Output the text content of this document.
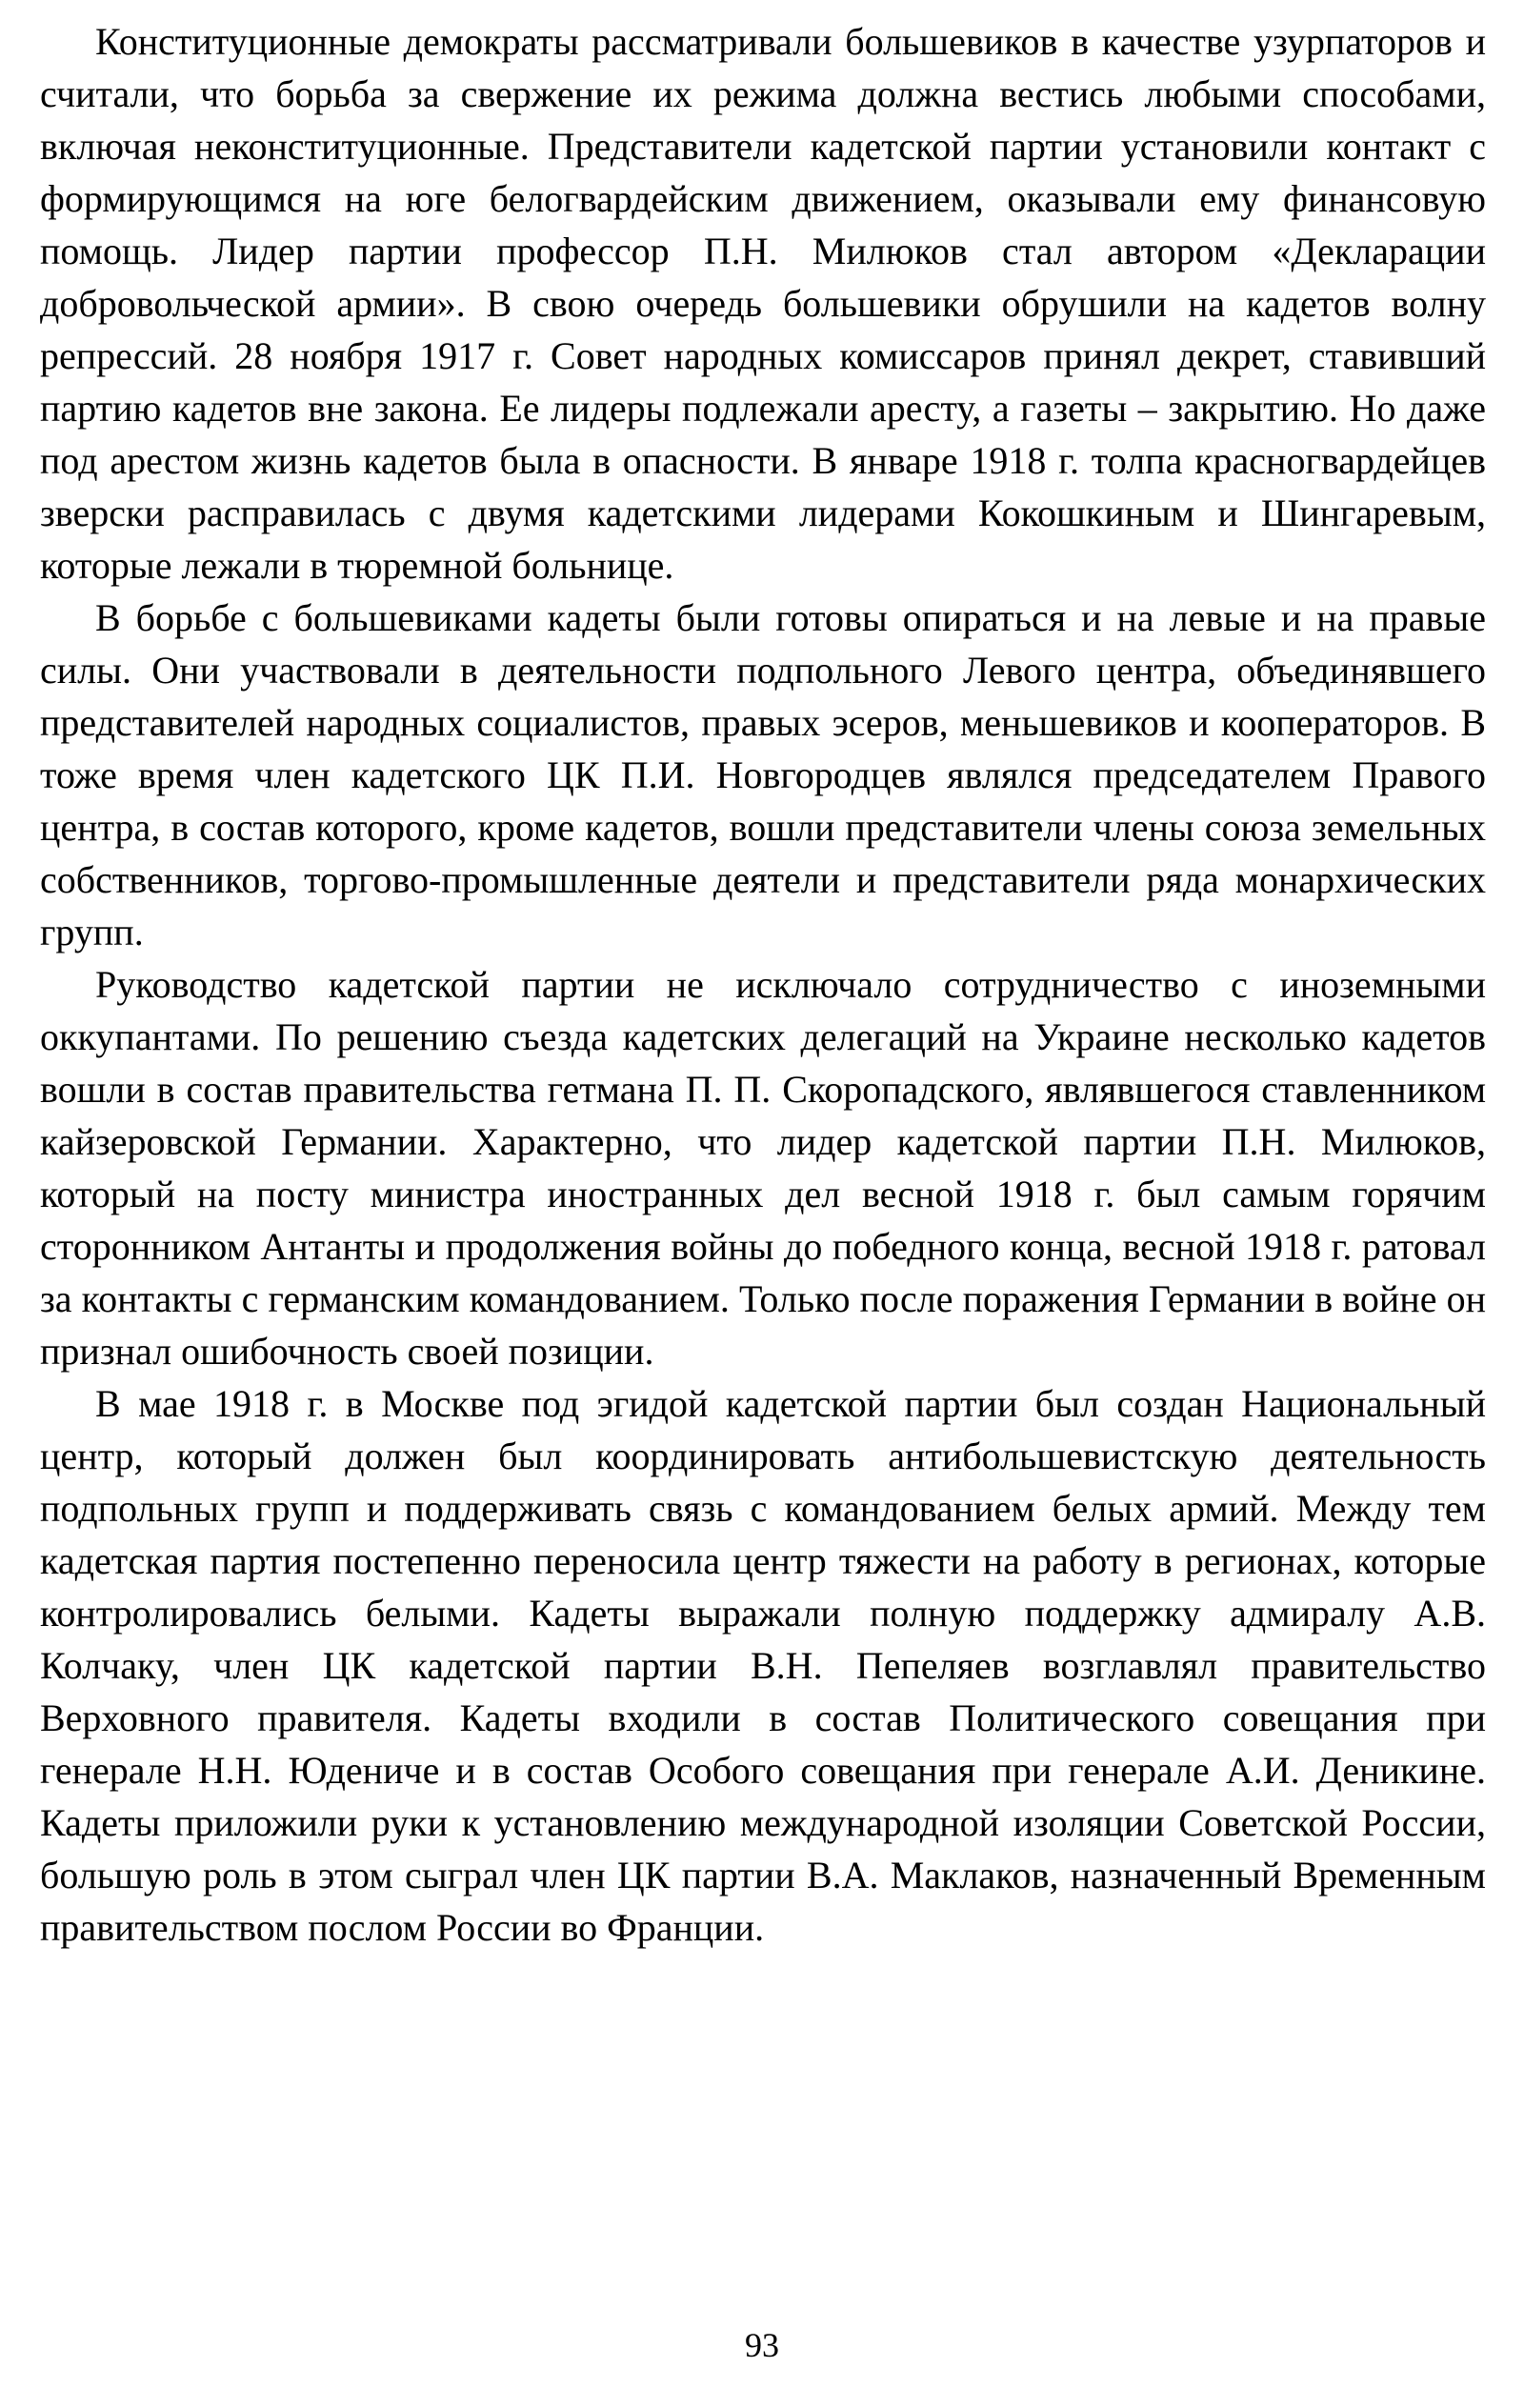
Конституционные демократы рассматривали большевиков в качестве узурпаторов и считали, что борьба за свержение их режима должна вестись любыми способами, включая неконституционные. Представители кадетской партии установили контакт с формирующимся на юге белогвардейским движением, оказывали ему финансовую помощь. Лидер партии профессор П.Н. Милюков стал автором «Декларации добровольческой армии». В свою очередь большевики обрушили на кадетов волну репрессий. 28 ноября 1917 г. Совет народных комиссаров принял декрет, ставивший партию кадетов вне закона. Ее лидеры подлежали аресту, а газеты – закрытию. Но даже под арестом жизнь кадетов была в опасности. В январе 1918 г. толпа красногвардейцев зверски расправилась с двумя кадетскими лидерами Кокошкиным и Шингаревым, которые лежали в тюремной больнице.

В борьбе с большевиками кадеты были готовы опираться и на левые и на правые силы. Они участвовали в деятельности подпольного Левого центра, объединявшего представителей народных социалистов, правых эсеров, меньшевиков и кооператоров. В тоже время член кадетского ЦК П.И. Новгородцев являлся председателем Правого центра, в состав которого, кроме кадетов, вошли представители члены союза земельных собственников, торгово-промышленные деятели и представители ряда монархических групп.

Руководство кадетской партии не исключало сотрудничество с иноземными оккупантами. По решению съезда кадетских делегаций на Украине несколько кадетов вошли в состав правительства гетмана П. П. Скоропадского, являвшегося ставленником кайзеровской Германии. Характерно, что лидер кадетской партии П.Н. Милюков, который на посту министра иностранных дел весной 1918 г. был самым горячим сторонником Антанты и продолжения войны до победного конца, весной 1918 г. ратовал за контакты с германским командованием. Только после поражения Германии в войне он признал ошибочность своей позиции.

В мае 1918 г. в Москве под эгидой кадетской партии был создан Национальный центр, который должен был координировать антибольшевистскую деятельность подпольных групп и поддерживать связь с командованием белых армий. Между тем кадетская партия постепенно переносила центр тяжести на работу в регионах, которые контролировались белыми. Кадеты выражали полную поддержку адмиралу А.В. Колчаку, член ЦК кадетской партии В.Н. Пепеляев возглавлял правительство Верховного правителя. Кадеты входили в состав Политического совещания при генерале Н.Н. Юдениче и в состав Особого совещания при генерале А.И. Деникине. Кадеты приложили руки к установлению международной изоляции Советской России, большую роль в этом сыграл член ЦК партии В.А. Маклаков, назначенный Временным правительством послом России во Франции.

93
